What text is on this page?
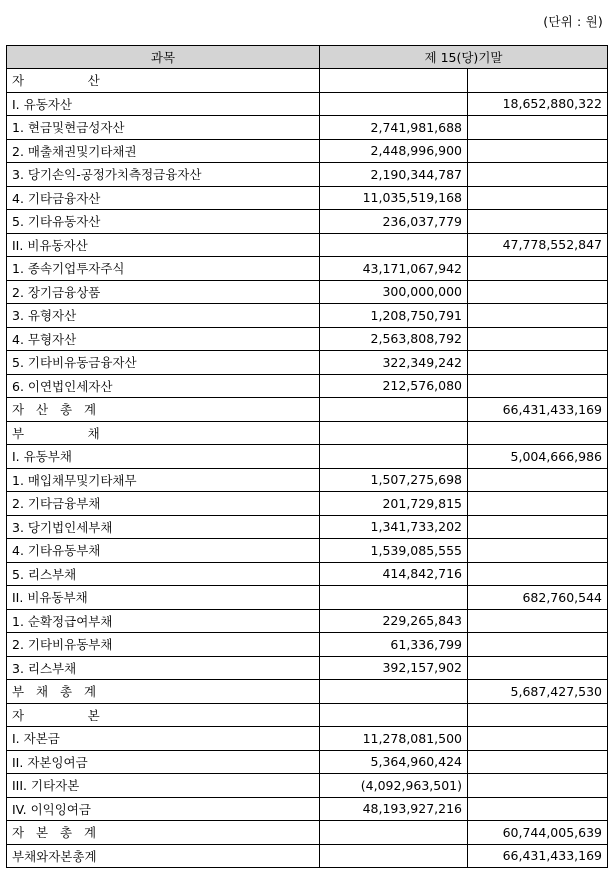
(단위 : 원)
과목	제 15(당)기말	
자                산		
I. 유동자산		18,652,880,322
1. 현금및현금성자산	2,741,981,688	
2. 매출채권및기타채권	2,448,996,900	
3. 당기손익-공정가치측정금융자산	2,190,344,787	
4. 기타금융자산	11,035,519,168	
5. 기타유동자산	236,037,779	
II. 비유동자산		47,778,552,847
1. 종속기업투자주식	43,171,067,942	
2. 장기금융상품	300,000,000	
3. 유형자산	1,208,750,791	
4. 무형자산	2,563,808,792	
5. 기타비유동금융자산	322,349,242	
6. 이연법인세자산	212,576,080	
자   산   총   계		66,431,433,169
부                채		
I. 유동부채		5,004,666,986
1. 매입채무및기타채무	1,507,275,698	
2. 기타금융부채	201,729,815	
3. 당기법인세부채	1,341,733,202	
4. 기타유동부채	1,539,085,555	
5. 리스부채	414,842,716	
II. 비유동부채		682,760,544
1. 순확정급여부채	229,265,843	
2. 기타비유동부채	61,336,799	
3. 리스부채	392,157,902	
부   채   총   계		5,687,427,530
자                본		
I. 자본금	11,278,081,500	
II. 자본잉여금	5,364,960,424	
III. 기타자본	(4,092,963,501)	
IV. 이익잉여금	48,193,927,216	
자   본   총   계		60,744,005,639
부채와자본총계		66,431,433,169
